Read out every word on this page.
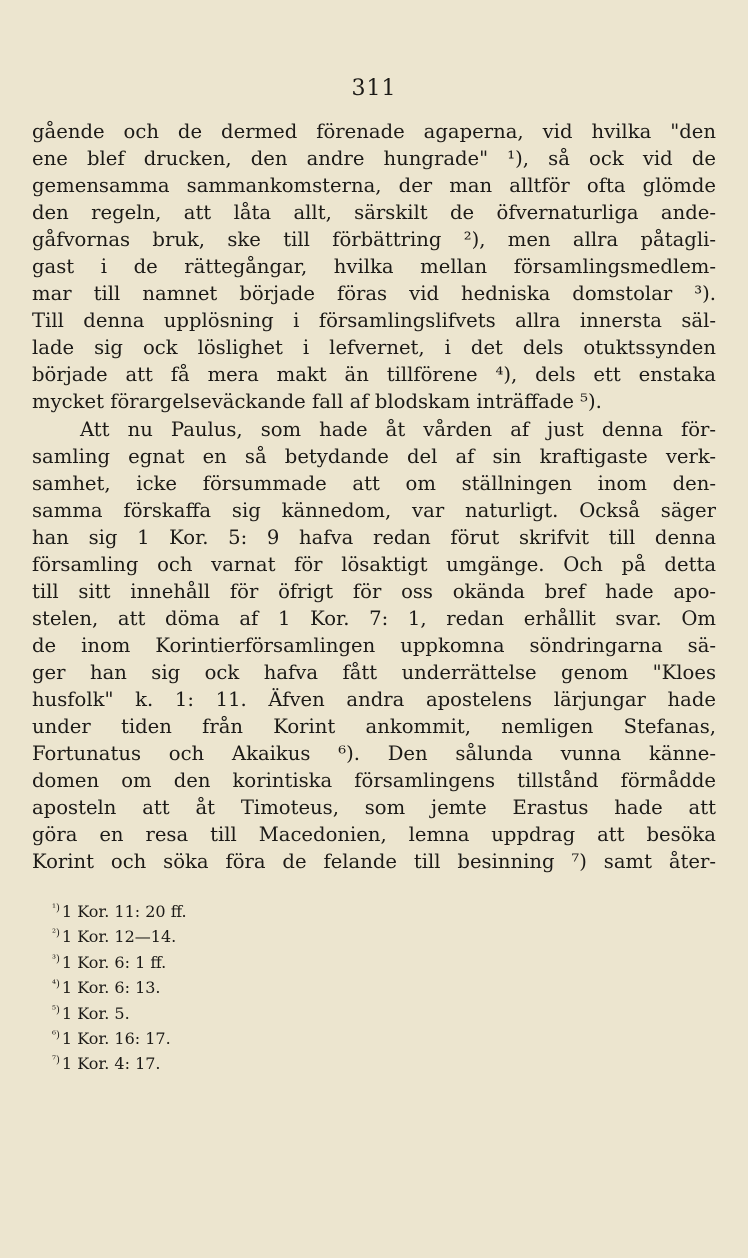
311
gående och de dermed förenade agaperna, vid hvilka "den
ene blef drucken, den andre hungrade" ¹), så ock vid de
gemensamma sammankomsterna, der man alltför ofta glömde
den regeln, att låta allt, särskilt de öfvernaturliga ande-
gåfvornas bruk, ske till förbättring ²), men allra påtagli-
gast i de rättegångar, hvilka mellan församlingsmedlem-
mar till namnet började föras vid hedniska domstolar ³).
Till denna upplösning i församlingslifvets allra innersta säl-
lade sig ock löslighet i lefvernet, i det dels otuktssynden
började att få mera makt än tillförene ⁴), dels ett enstaka
mycket förargelseväckande fall af blodskam inträffade ⁵).
Att nu Paulus, som hade åt vården af just denna för-
samling egnat en så betydande del af sin kraftigaste verk-
samhet, icke försummade att om ställningen inom den-
samma förskaffa sig kännedom, var naturligt. Också säger
han sig 1 Kor. 5: 9 hafva redan förut skrifvit till denna
församling och varnat för lösaktigt umgänge. Och på detta
till sitt innehåll för öfrigt för oss okända bref hade apo-
stelen, att döma af 1 Kor. 7: 1, redan erhållit svar. Om
de inom Korintierförsamlingen uppkomna söndringarna sä-
ger han sig ock hafva fått underrättelse genom "Kloes
husfolk" k. 1: 11. Äfven andra apostelens lärjungar hade
under tiden från Korint ankommit, nemligen Stefanas,
Fortunatus och Akaikus ⁶). Den sålunda vunna känne-
domen om den korintiska församlingens tillstånd förmådde
aposteln att åt Timoteus, som jemte Erastus hade att
göra en resa till Macedonien, lemna uppdrag att besöka
Korint och söka föra de felande till besinning ⁷) samt åter-
$^{^1)}$ 1 Kor. 11: 20 ff.
$^{^2)}$ 1 Kor. 12—14.
$^{^3)}$ 1 Kor. 6: 1 ff.
$^{^4)}$ 1 Kor. 6: 13.
$^{^5)}$ 1 Kor. 5.
$^{^6)}$ 1 Kor. 16: 17.
$^{^7)}$ 1 Kor. 4: 17.
